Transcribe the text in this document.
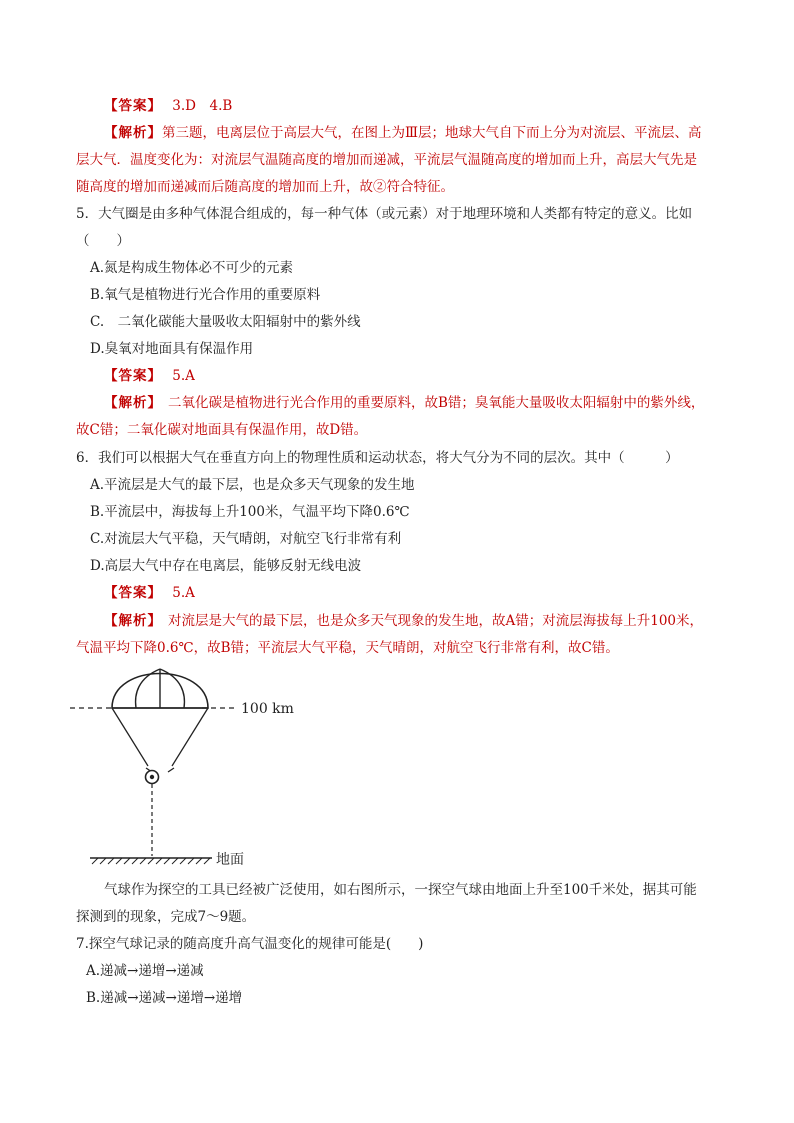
【答案】 3.D　4.B
【解析】第三题，电离层位于高层大气，在图上为Ⅲ层；地球大气自下而上分为对流层、平流层、高
层大气．温度变化为：对流层气温随高度的增加而递减，平流层气温随高度的增加而上升，高层大气先是
随高度的增加而递减而后随高度的增加而上升，故②符合特征。
5．大气圈是由多种气体混合组成的，每一种气体（或元素）对于地理环境和人类都有特定的意义。比如
（　　）
A.氮是构成生物体必不可少的元素
B.氧气是植物进行光合作用的重要原料
C.　二氧化碳能大量吸收太阳辐射中的紫外线
D.臭氧对地面具有保温作用
【答案】 5.A
【解析】 二氧化碳是植物进行光合作用的重要原料，故B错；臭氧能大量吸收太阳辐射中的紫外线，
故C错；二氧化碳对地面具有保温作用，故D错。
6．我们可以根据大气在垂直方向上的物理性质和运动状态，将大气分为不同的层次。其中（　　　）
A.平流层是大气的最下层，也是众多天气现象的发生地
B.平流层中，海拔每上升100米，气温平均下降0.6℃
C.对流层大气平稳，天气晴朗，对航空飞行非常有利
D.高层大气中存在电离层，能够反射无线电波
【答案】 5.A
【解析】 对流层是大气的最下层，也是众多天气现象的发生地，故A错；对流层海拔每上升100米，
气温平均下降0.6℃，故B错；平流层大气平稳，天气晴朗，对航空飞行非常有利，故C错。
100 km
地面
气球作为探空的工具已经被广泛使用，如右图所示，一探空气球由地面上升至100千米处，据其可能
探测到的现象，完成7～9题。
7.探空气球记录的随高度升高气温变化的规律可能是(　　)
A.递减→递增→递减
B.递减→递减→递增→递增
